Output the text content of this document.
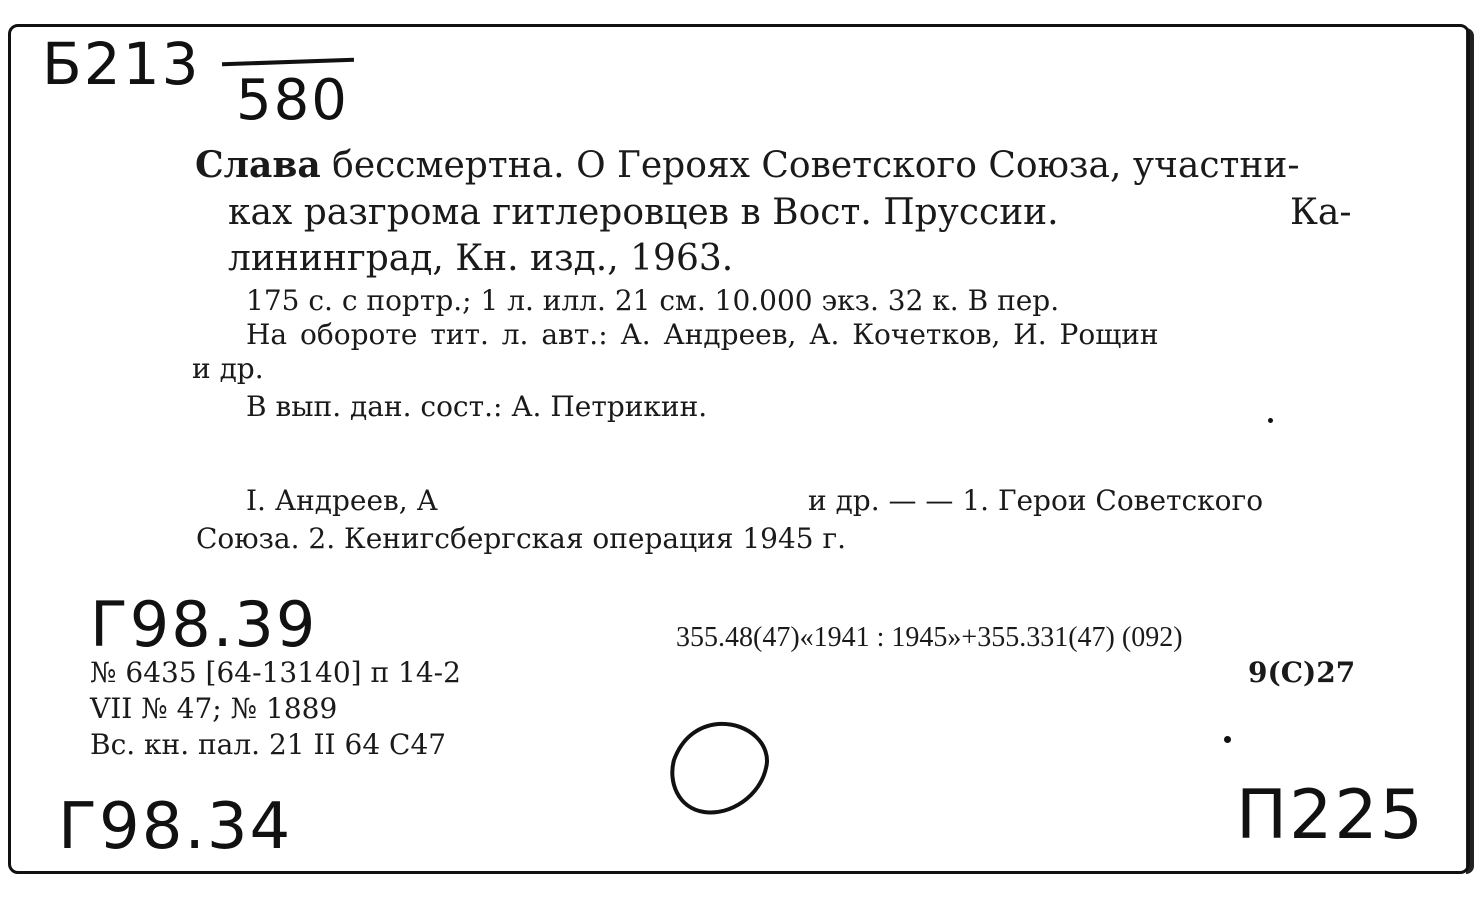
Б213
580
Слава бессмертна. О Героях Советского Союза, участни-
ках разгрома гитлеровцев в Вост. Пруссии.	Ка-
лининград, Кн. изд., 1963.
175 с. с портр.; 1 л. илл. 21 см. 10.000 экз. 32 к. В пер.
На обороте тит. л. авт.: А. Андреев, А. Кочетков, И. Рощин
и др.
В вып. дан. сост.: А. Петрикин.
I. Андреев, А	и др. — — 1. Герои Советского
Союза. 2. Кенигсбергская операция 1945 г.
Г98.39	355.48(47)«1941 : 1945»+355.331(47) (092)
9(С)27
№ 6435 [64-13140] п 14-2
VII № 47; № 1889
Вс. кн. пал. 21 II 64 С47
Г98.34	П225
